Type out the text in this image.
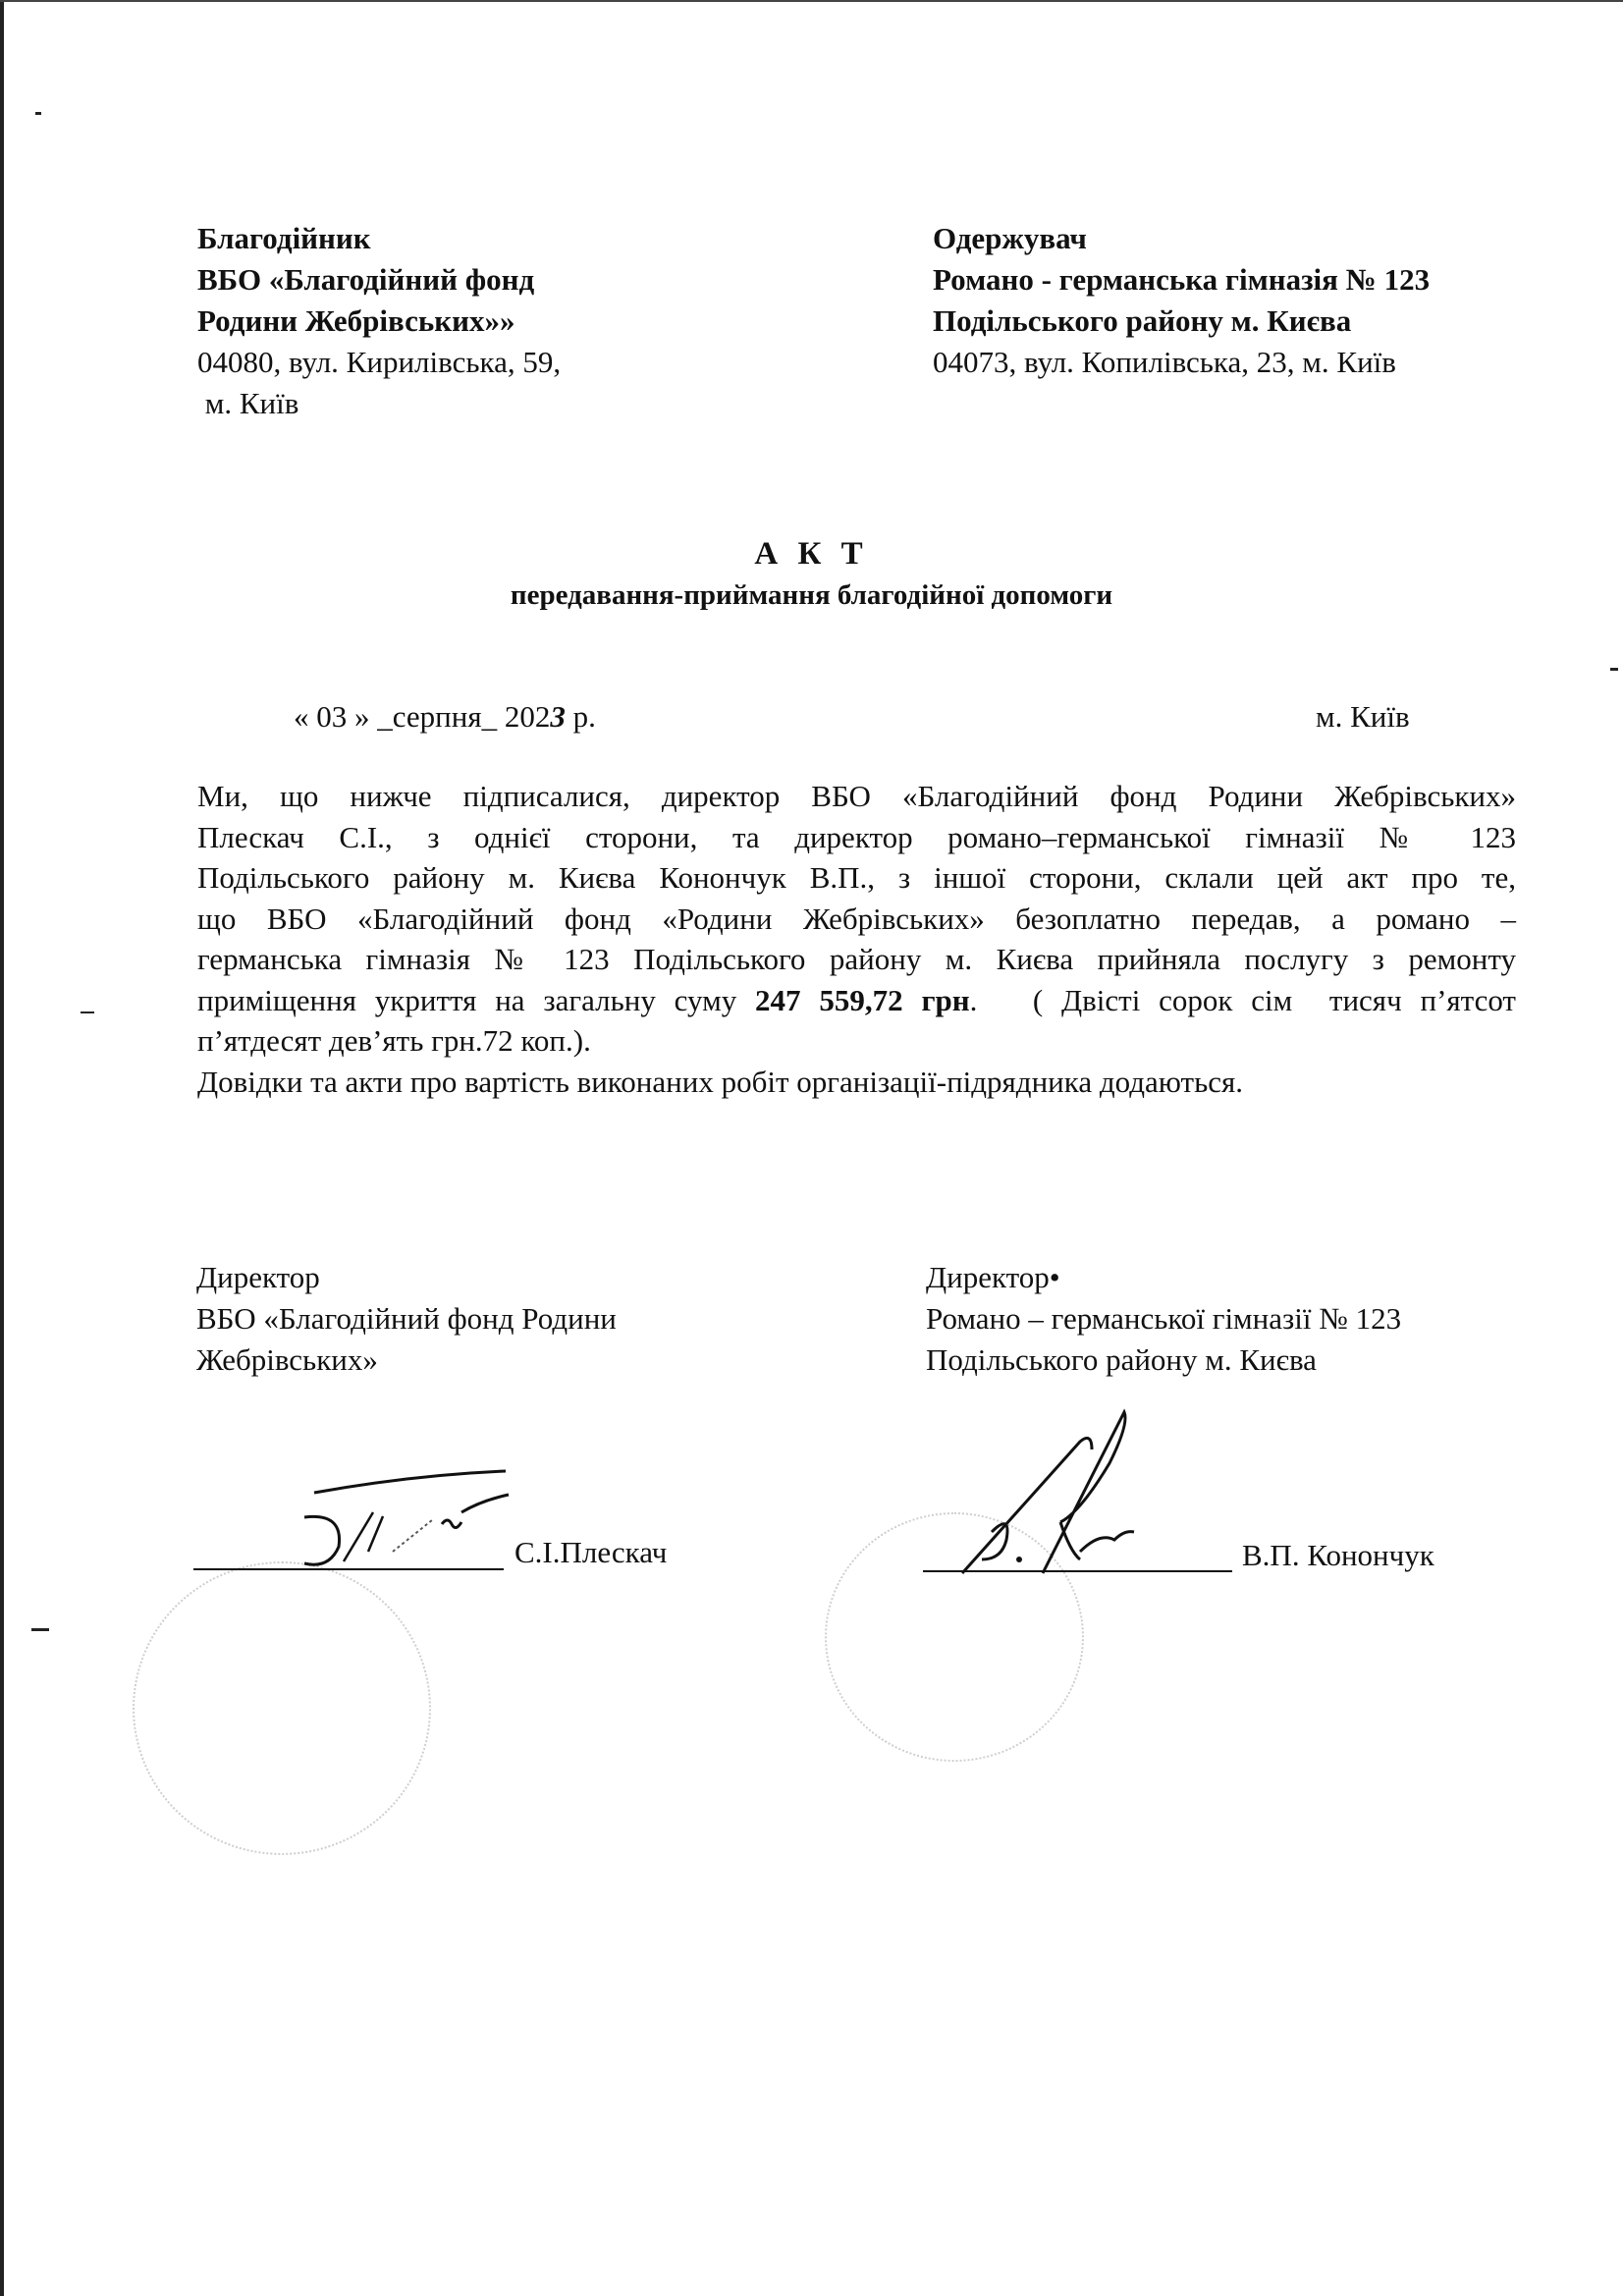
Благодійник
ВБО «Благодійний фонд
Родини Жебрівських»»
04080, вул. Кирилівська, 59,
м. Київ
Одержувач
Романо - германська гімназія № 123
Подільського району м. Києва
04073, вул. Копилівська, 23, м. Київ
А К Т
передавання-приймання благодійної допомоги
« 03 » _серпня_ 2023 р.	м. Київ
Ми, що нижче підписалися, директор ВБО «Благодійний фонд Родини Жебрівських»
Плескач С.І., з однієї сторони, та директор романо–германської гімназії № 123
Подільського району м. Києва Конончук В.П., з іншої сторони, склали цей акт про те,
що ВБО «Благодійний фонд «Родини Жебрівських» безоплатно передав, а романо –
германська гімназія № 123 Подільського району м. Києва прийняла послугу з ремонту
приміщення укриття на загальну суму 247 559,72 грн.   ( Двісті сорок сім  тисяч п’ятсот
п’ятдесят дев’ять грн.72 коп.).
Довідки та акти про вартість виконаних робіт організації-підрядника додаються.
Директор
ВБО «Благодійний фонд Родини
Жебрівських»
Директор•
Романо – германської гімназії № 123
Подільського району м. Києва
С.І.Плескач	В.П. Конончук
